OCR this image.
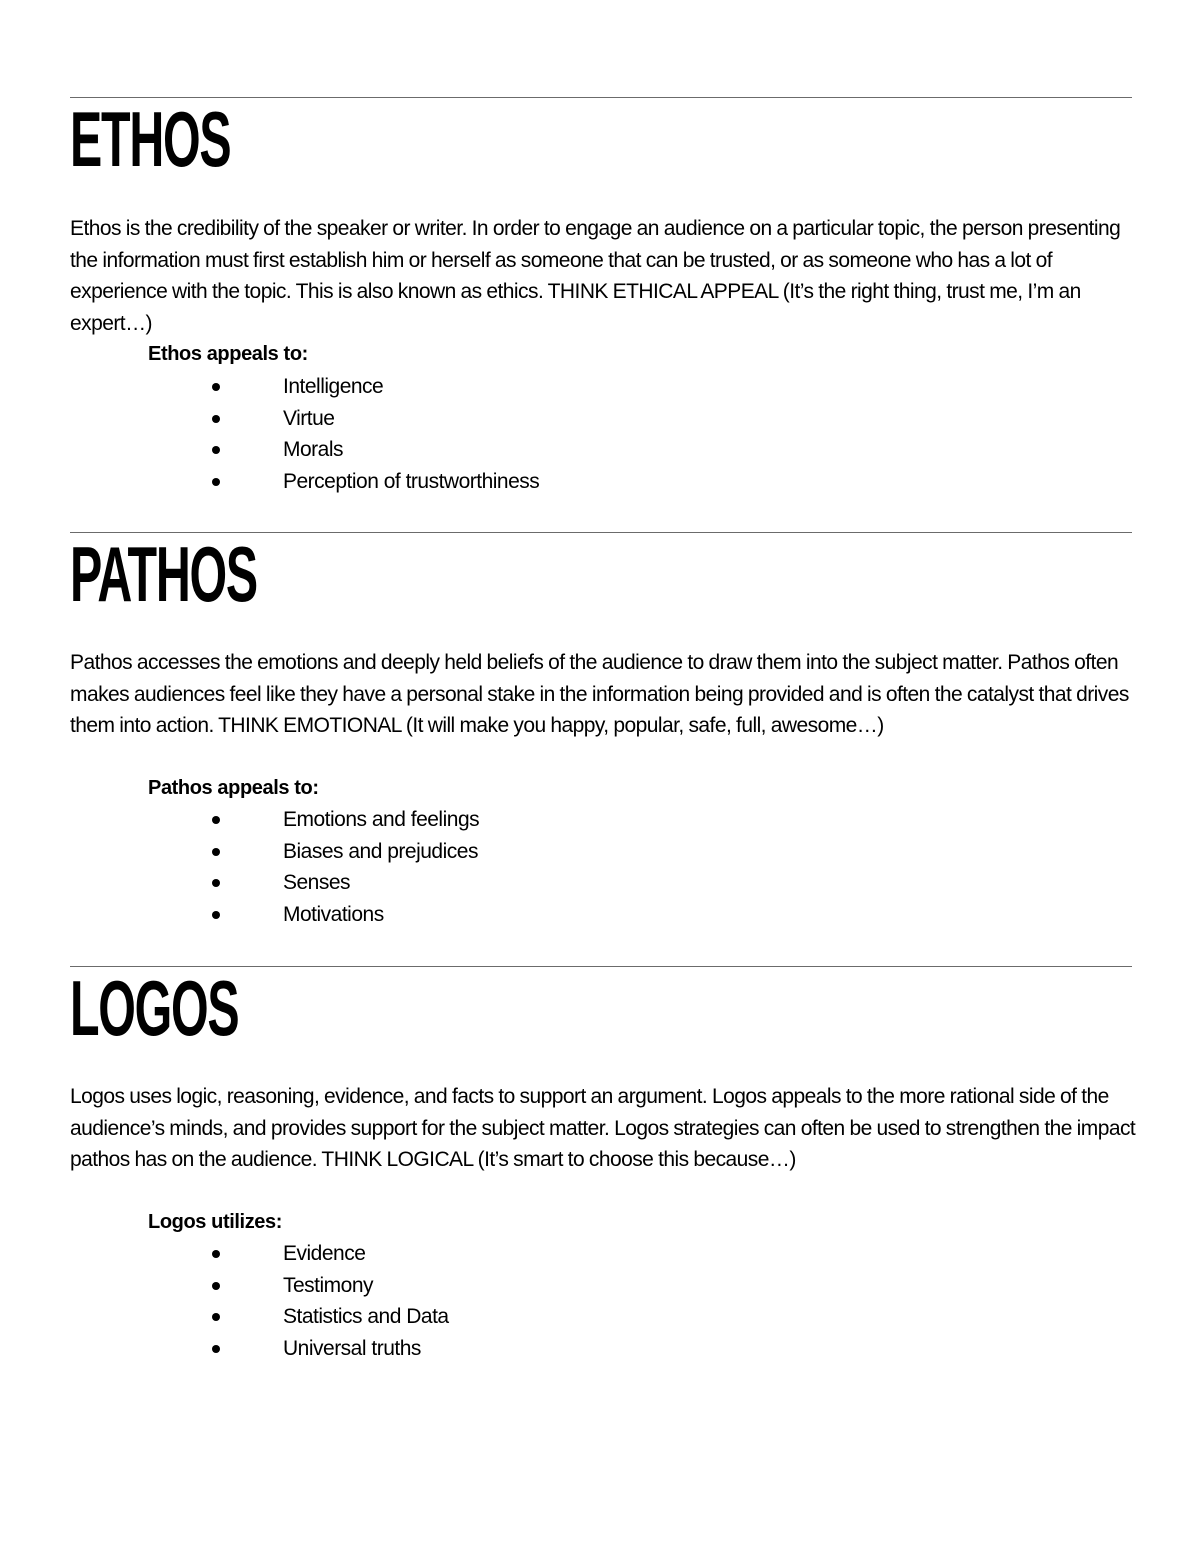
ETHOS

Ethos is the credibility of the speaker or writer. In order to engage an audience on a particular topic, the person presenting the information must first establish him or herself as someone that can be trusted, or as someone who has a lot of experience with the topic. This is also known as ethics. THINK ETHICAL APPEAL (It’s the right thing, trust me, I’m an expert…)

Ethos appeals to:

Intelligence
Virtue
Morals
Perception of trustworthiness
PATHOS

Pathos accesses the emotions and deeply held beliefs of the audience to draw them into the subject matter. Pathos often makes audiences feel like they have a personal stake in the information being provided and is often the catalyst that drives them into action. THINK EMOTIONAL (It will make you happy, popular, safe, full, awesome…)

Pathos appeals to:

Emotions and feelings
Biases and prejudices
Senses
Motivations
LOGOS

Logos uses logic, reasoning, evidence, and facts to support an argument. Logos appeals to the more rational side of the audience’s minds, and provides support for the subject matter. Logos strategies can often be used to strengthen the impact pathos has on the audience. THINK LOGICAL (It’s smart to choose this because…)

Logos utilizes:

Evidence
Testimony
Statistics and Data
Universal truths
